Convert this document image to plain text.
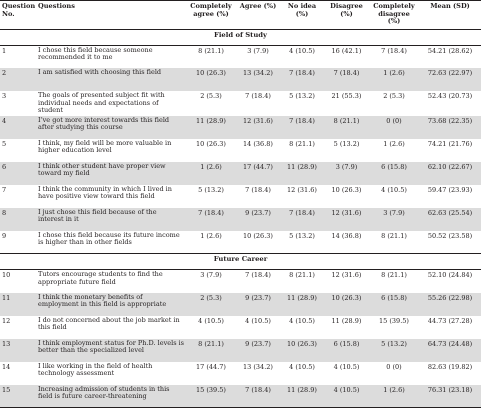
Question No.	Questions	Completely agree (%)	Agree (%)	No idea (%)	Disagree (%)	Completely disagree (%)	Mean (SD)
Field of Study							
1	I chose this field because someone recommended it to me	8 (21.1)	3 (7.9)	4 (10.5)	16 (42.1)	7 (18.4)	54.21 (28.62)
2	I am satisfied with choosing this field	10 (26.3)	13 (34.2)	7 (18.4)	7 (18.4)	1 (2.6)	72.63 (22.97)
3	The goals of presented subject fit with individual needs and expectations of student	2 (5.3)	7 (18.4)	5 (13.2)	21 (55.3)	2 (5.3)	52.43 (20.73)
4	I’ve got more interest towards this field after studying this course	11 (28.9)	12 (31.6)	7 (18.4)	8 (21.1)	0 (0)	73.68 (22.35)
5	I think, my field will be more valuable in higher education level	10 (26.3)	14 (36.8)	8 (21.1)	5 (13.2)	1 (2.6)	74.21 (21.76)
6	I think other student have proper view toward my field	1 (2.6)	17 (44.7)	11 (28.9)	3 (7.9)	6 (15.8)	62.10 (22.67)
7	I think the community in which I lived in have positive view toward this field	5 (13.2)	7 (18.4)	12 (31.6)	10 (26.3)	4 (10.5)	59.47 (23.93)
8	I just chose this field because of the interest in it	7 (18.4)	9 (23.7)	7 (18.4)	12 (31.6)	3 (7.9)	62.63 (25.54)
9	I chose this field because its future income is higher than in other fields	1 (2.6)	10 (26.3)	5 (13.2)	14 (36.8)	8 (21.1)	50.52 (23.58)
Future Career							
10	Tutors encourage students to find the appropriate future field	3 (7.9)	7 (18.4)	8 (21.1)	12 (31.6)	8 (21.1)	52.10 (24.84)
11	I think the monetary benefits of employment in this field is appropriate	2 (5.3)	9 (23.7)	11 (28.9)	10 (26.3)	6 (15.8)	55.26 (22.98)
12	I do not concerned about the job market in this field	4 (10.5)	4 (10.5)	4 (10.5)	11 (28.9)	15 (39.5)	44.73 (27.28)
13	I think employment status for Ph.D. levels is better than the specialized level	8 (21.1)	9 (23.7)	10 (26.3)	6 (15.8)	5 (13.2)	64.73 (24.48)
14	I like working in the field of health technology assessment	17 (44.7)	13 (34.2)	4 (10.5)	4 (10.5)	0 (0)	82.63 (19.82)
15	Increasing admission of students in this field is future career-threatening	15 (39.5)	7 (18.4)	11 (28.9)	4 (10.5)	1 (2.6)	76.31 (23.18)
